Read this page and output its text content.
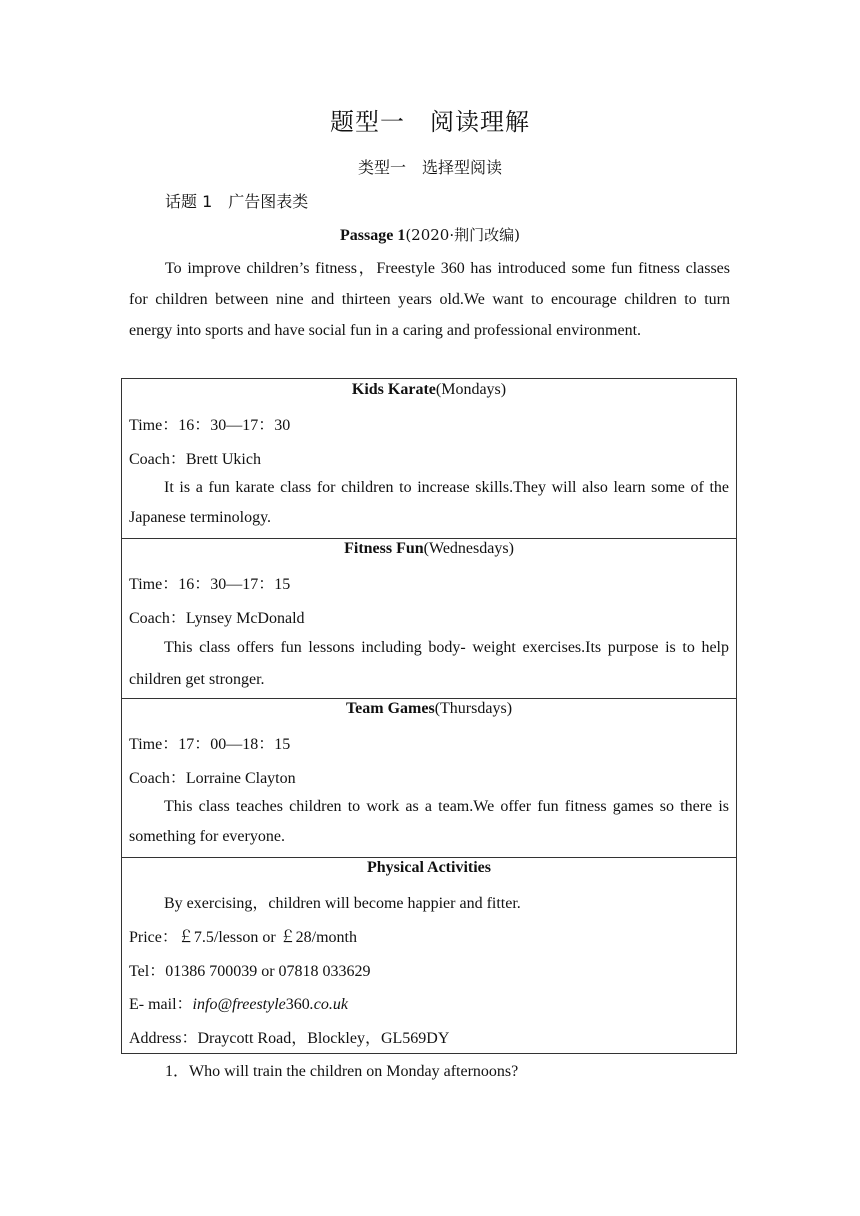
题型一　阅读理解
类型一　选择型阅读
话题 1　广告图表类
Passage 1(2020·荆门改编)
To improve children’s fitness，Freestyle 360 has introduced some fun fitness classes for children between nine and thirteen years old.We want to encourage children to turn energy into sports and have social fun in a caring and professional environment.
Kids Karate(Mondays)
Time：16：30—17：30
Coach：Brett Ukich
It is a fun karate class for children to increase skills.They will also learn some of the Japanese terminology.
Fitness Fun(Wednesdays)
Time：16：30—17：15
Coach：Lynsey McDonald
This class offers fun lessons including body- weight exercises.Its purpose is to help children get stronger.
Team Games(Thursdays)
Time：17：00—18：15
Coach：Lorraine Clayton
This class teaches children to work as a team.We offer fun fitness games so there is something for everyone.
Physical Activities
By exercising，children will become happier and fitter.
Price：￡7.5/lesson or ￡28/month
Tel：01386 700039 or 07818 033629
E- mail：info@freestyle360.co.uk
Address：Draycott Road，Blockley，GL569DY
1．Who will train the children on Monday afternoons?
